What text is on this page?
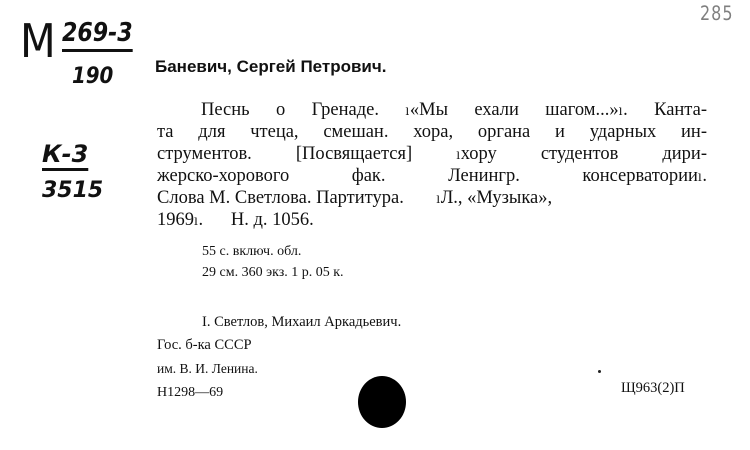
М 269-3
190
К-3
3515
285
Баневич, Сергей Петрович.
Песнь о Гренаде. ₗ«Мы ехали шагом...»ₗ. Канта-
та для чтеца, смешан. хора, органа и ударных ин-
струментов. [Посвящается] ₗхору студентов дири-
жерско-хорового фак. Ленингр. консерваторииₗ.
Слова М. Светлова. Партитура.       ₗЛ., «Музыка»,
1969ₗ.      Н. д. 1056.
55 с. включ. обл.
29 см. 360 экз. 1 р. 05 к.
I. Светлов, Михаил Аркадьевич.
Гос. б-ка СССР
им. В. И. Ленина.
Н1298—69	Щ963(2)П
